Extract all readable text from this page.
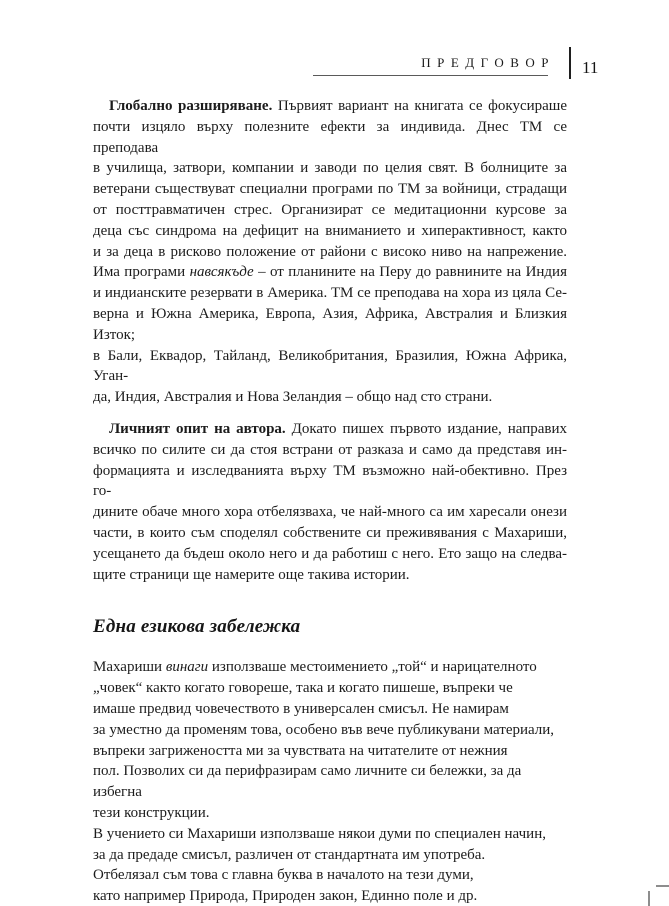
ПРЕДГОВОР 11
Глобално разширяване. Първият вариант на книгата се фокусираше
почти изцяло върху полезните ефекти за индивида. Днес ТМ се преподава
в училища, затвори, компании и заводи по целия свят. В болниците за
ветерани съществуват специални програми по ТМ за войници, страдащи
от посттравматичен стрес. Организират се медитационни курсове за
деца със синдрома на дефицит на вниманието и хиперактивност, както
и за деца в рисково положение от райони с високо ниво на напрежение.
Има програми навсякъде – от планините на Перу до равнините на Индия
и индианските резервати в Америка. ТМ се преподава на хора из цяла Се-
верна и Южна Америка, Европа, Азия, Африка, Австралия и Близкия Изток;
в Бали, Еквадор, Тайланд, Великобритания, Бразилия, Южна Африка, Уган-
да, Индия, Австралия и Нова Зеландия – общо над сто страни.
Личният опит на автора. Докато пишех първото издание, направих
всичко по силите си да стоя встрани от разказа и само да представя ин-
формацията и изследванията върху ТМ възможно най-обективно. През го-
дините обаче много хора отбелязваха, че най-много са им харесали онези
части, в които съм споделял собствените си преживявания с Махариши,
усещането да бъдеш около него и да работиш с него. Ето защо на следва-
щите страници ще намерите още такива истории.
Една езикова забележка
Махариши винаги използваше местоимението „той“ и нарицателното
„човек“ както когато говореше, така и когато пишеше, въпреки че
имаше предвид човечеството в универсален смисъл. Не намирам
за уместно да променям това, особено във вече публикувани материали,
въпреки загрижеността ми за чувствата на читателите от нежния
пол. Позволих си да перифразирам само личните си бележки, за да избегна
тези конструкции.
В учението си Махариши използваше някои думи по специален начин,
за да предаде смисъл, различен от стандартната им употреба.
Отбелязал съм това с главна буква в началото на тези думи,
като например Природа, Природен закон, Единно поле и др.
